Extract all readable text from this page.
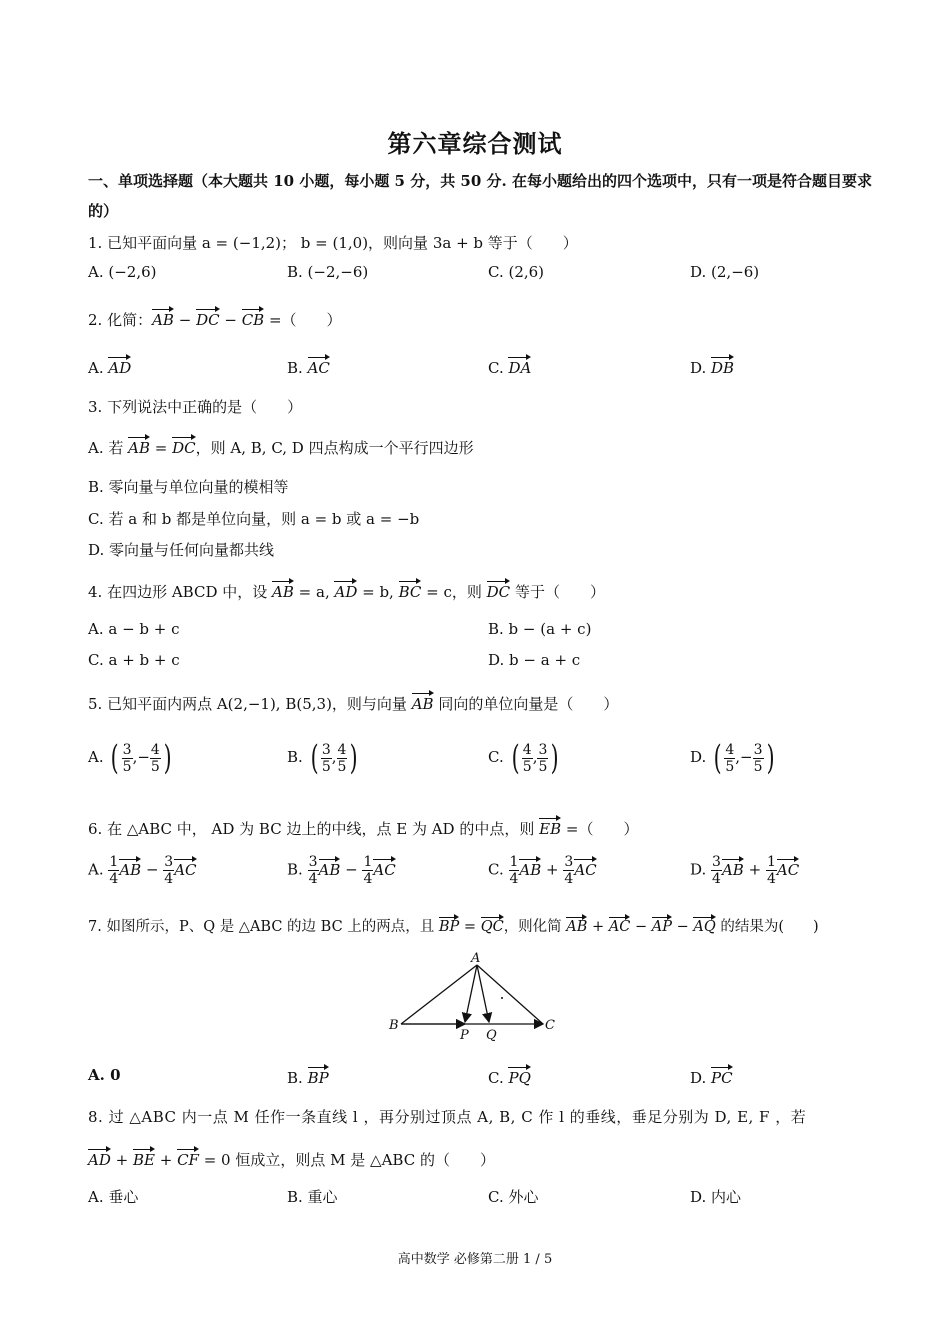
第六章综合测试
一、单项选择题（本大题共 10 小题，每小题 5 分，共 50 分. 在每小题给出的四个选项中，只有一项是符合题目要求的）
1. 已知平面向量 a = (−1,2)； b = (1,0)，则向量 3a + b 等于（　　）
A. (−2,6)	B. (−2,−6)	C. (2,6)	D. (2,−6)
2. 化简：AB − DC − CB =（　　）
A. AD	B. AC	C. DA	D. DB
3. 下列说法中正确的是（　　）
A. 若 AB = DC，则 A, B, C, D 四点构成一个平行四边形
B. 零向量与单位向量的模相等
C. 若 a 和 b 都是单位向量，则 a = b 或 a = −b
D. 零向量与任何向量都共线
4. 在四边形 ABCD 中，设 AB = a, AD = b, BC = c，则 DC 等于（　　）
A. a − b + c	B. b − (a + c)
C. a + b + c	D. b − a + c
5. 已知平面内两点 A(2,−1), B(5,3)，则与向量 AB 同向的单位向量是（　　）
A. ( $\frac{3}{5}$ ,− $\frac{4}{5}$ )	B. ( $\frac{3}{5}$ , $\frac{4}{5}$ )	C. ( $\frac{4}{5}$ , $\frac{3}{5}$ )	D. ( $\frac{4}{5}$ ,− $\frac{3}{5}$ )
6. 在 △ABC 中， AD 为 BC 边上的中线，点 E 为 AD 的中点，则 EB =（　　）
A. $\frac{1}{4}$ AB − $\frac{3}{4}$ AC	B. $\frac{3}{4}$ AB − $\frac{1}{4}$ AC	C. $\frac{1}{4}$ AB + $\frac{3}{4}$ AC	D. $\frac{3}{4}$ AB + $\frac{1}{4}$ AC
7. 如图所示，P、Q 是 △ABC 的边 BC 上的两点，且 BP = QC，则化简 AB + AC − AP − AQ 的结果为(　　)
A
B	C
P Q
A. 0	B. BP	C. PQ	D. PC
8. 过 △ABC 内一点 M 任作一条直线 l ，再分别过顶点 A, B, C 作 l 的垂线，垂足分别为 D, E, F ，若
AD + BE + CF = 0 恒成立，则点 M 是 △ABC 的（　　）
A. 垂心	B. 重心	C. 外心	D. 内心
高中数学 必修第二册 1 / 5
